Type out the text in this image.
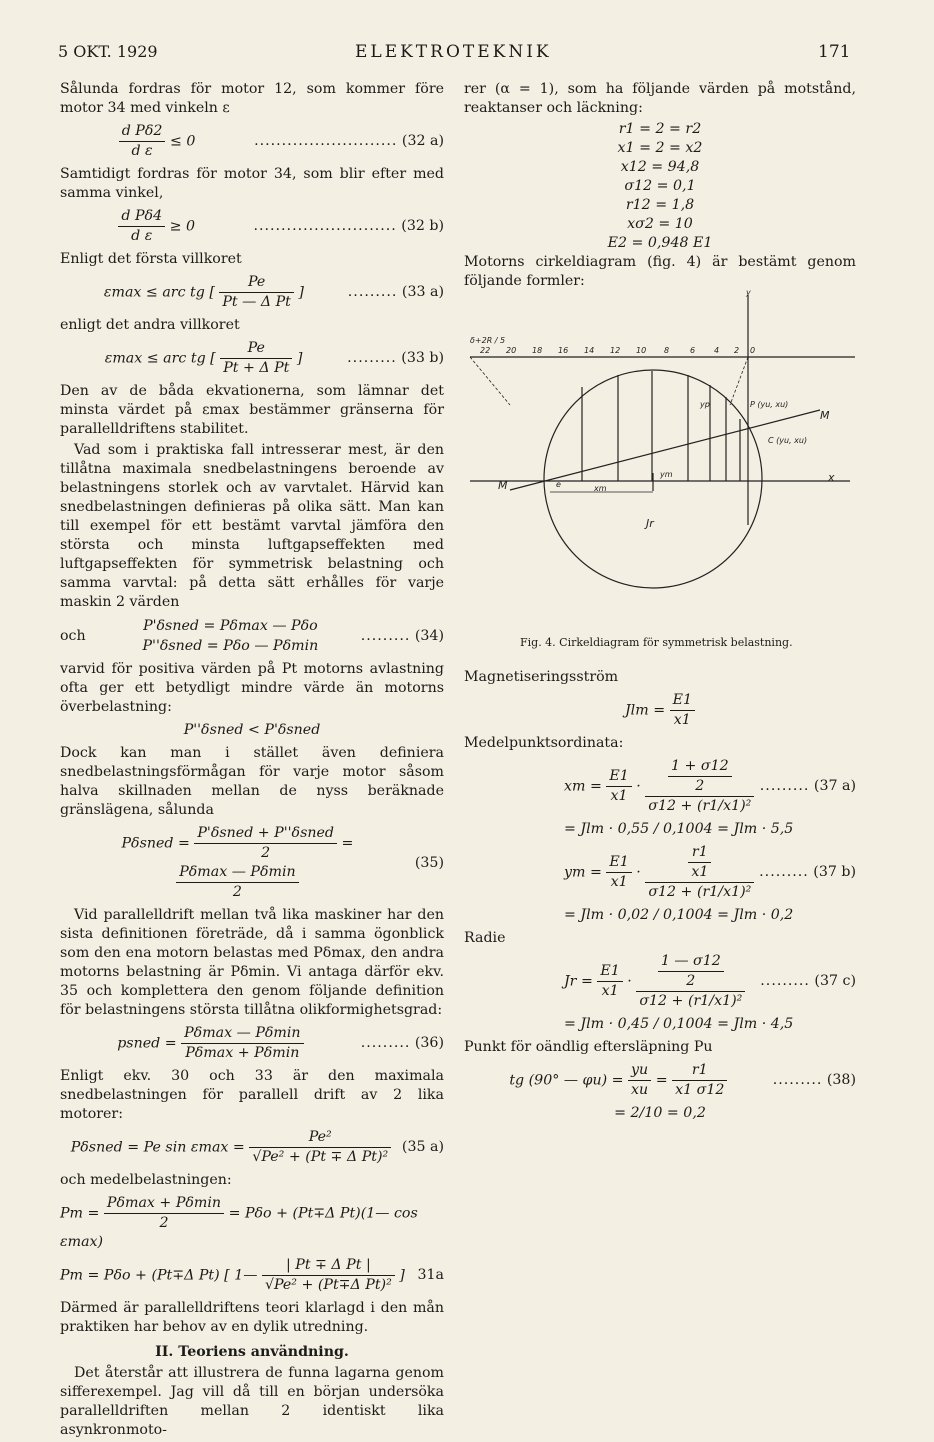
5 OKT. 1929	ELEKTROTEKNIK	171

Sålunda fordras för motor 12, som kommer före motor 34 med vinkeln ε

$\frac{\text{d Pδ2}}{\text{d ε}} \le 0$	.......................... (32 a)

Samtidigt fordras för motor 34, som blir efter med samma vinkel,

$\frac{\text{d Pδ4}}{\text{d ε}} \ge 0$	.......................... (32 b)

Enligt det första villkoret

εmax ≤ arc tg [ $\frac{Pe}{\text{Pt — Δ Pt}}$ ]	......... (33 a)

enligt det andra villkoret

εmax ≤ arc tg [ $\frac{Pe}{\text{Pt + Δ Pt}}$ ]	......... (33 b)

Den av de båda ekvationerna, som lämnar det minsta värdet på εmax bestämmer gränserna för parallelldriftens stabilitet.

Vad som i praktiska fall intresserar mest, är den tillåtna maximala snedbelastningens beroende av belastningens storlek och av varvtalet. Härvid kan snedbelastningen definieras på olika sätt. Man kan till exempel för ett bestämt varvtal jämföra den största och minsta luftgapseffekten med luftgapseffekten för symmetrisk belastning och samma varvtal: på detta sätt erhålles för varje maskin 2 värden

och
P'δsned = Pδmax — Pδo
P''δsned = Pδo — Pδmin
......... (34)

varvid för positiva värden på Pt motorns avlastning ofta ger ett betydligt mindre värde än motorns överbelastning:

P''δsned < P'δsned

Dock kan man i stället även definiera snedbelastningsförmågan för varje motor såsom halva skillnaden mellan de nyss beräknade gränslägena, sålunda

Pδsned = $\frac{\text{P'δsned + P''δsned}}{2}$ =
$\frac{P\delta\max — P\delta\min}{2}$
(35)

Vid parallelldrift mellan två lika maskiner har den sista definitionen företräde, då i samma ögonblick som den ena motorn belastas med Pδmax, den andra motorns belastning är Pδmin. Vi antaga därför ekv. 35 och komplettera den genom följande definition för belastningens största tillåtna olikformighetsgrad:

psned = $\frac{P\delta\max — P\delta\min}{P\delta\max + P\delta\min}$	......... (36)

Enligt ekv. 30 och 33 är den maximala snedbelastningen för parallell drift av 2 lika motorer:

Pδsned = Pe $\sin \varepsilon\max = \frac{\text{Pe²}}{\text{√Pe² + (Pt ∓ Δ Pt)²}} (35$ a)

och medelbelastningen:

$Pm = \frac{P\delta\max + P\delta\min}{2} = P\delta o + (Pt\mp\Delta$ Pt)(1— cos εmax)
Pm = Pδo + (Pt∓Δ Pt) [ 1— $\frac{\text{| Pt ∓ Δ Pt |}}{\text{√Pe² + (Pt∓Δ Pt)²}}$ ] 31a

Därmed är parallelldriftens teori klarlagd i den mån praktiken har behov av en dylik utredning.

II. Teoriens användning.

Det återstår att illustrera de funna lagarna genom sifferexempel. Jag vill då till en början undersöka parallelldriften mellan 2 identiskt lika asynkronmoto-

rer (α = 1), som ha följande värden på motstånd, reaktanser och läckning:

r1 = 2 = r2
x1 = 2 = x2
x12 = 94,8
σ12 = 0,1
r12 = 1,8
xσ2 = 10
E2 = 0,948 E1

Motorns cirkeldiagram (fig. 4) är bestämt genom följande formler:

22 20 18 16 14 12 10 8	6 4 2 0
δ+2R / 5
M
M
x
P (yu, xu)
C (yu, xu)
yp
xm
ym
e
Jr
y
Fig. 4. Cirkeldiagram för symmetrisk belastning.

Magnetiseringsström

Jlm = $\frac{E1}{x1}$

Medelpunktsordinata:

xm = $\frac{E1}{x1} \cdot \frac{\frac{1 + \sigma 12}{2}}{\text{σ12 + (r1/x1)²}}$ ......... (37 a)
= Jlm · 0,55 / 0,1004 = Jlm · 5,5
ym = $\frac{E1}{x1} \cdot \frac{\frac{r1}{x1}}{\text{σ12 + (r1/x1)²}}$ ......... (37 b)
= Jlm · 0,02 / 0,1004 = Jlm · 0,2

Radie

$Jr = \frac{E1}{x1} \cdot \frac{\frac{1 — \sigma 12}{2}}{\text{σ12 + (r1/x1)²}}$ ......... (37 c)
= Jlm · 0,45 / 0,1004 = Jlm · 4,5

Punkt för oändlig eftersläpning Pu

tg (90° — $\varphi u) = \frac{yu}{xu} = \frac{r1}{x1 \sigma 12}$	......... (38)
= 2/10 = 0,2
